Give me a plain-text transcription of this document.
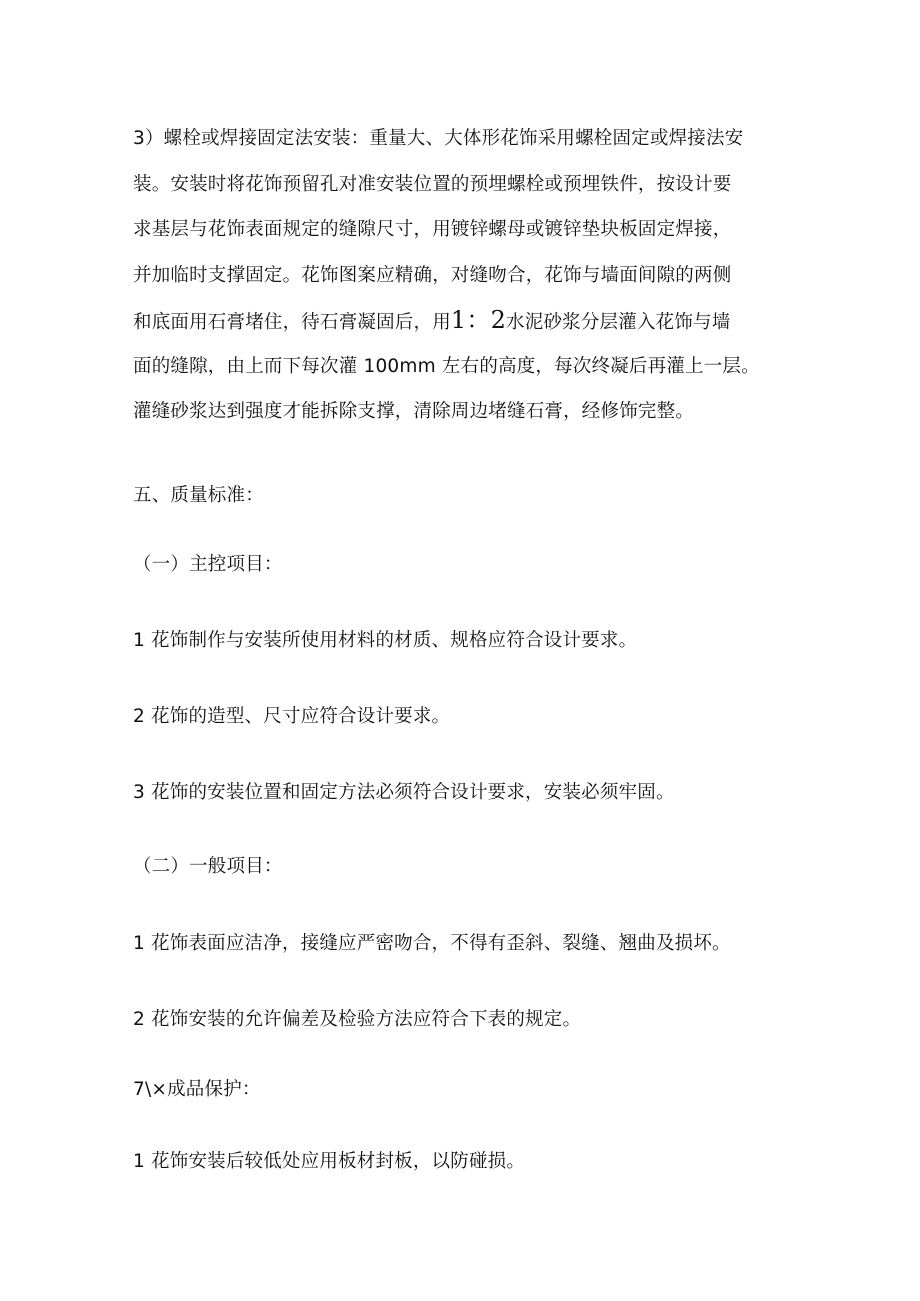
3）螺栓或焊接固定法安装：重量大、大体形花饰采用螺栓固定或焊接法安
装。安装时将花饰预留孔对准安装位置的预埋螺栓或预埋铁件，按设计要
求基层与花饰表面规定的缝隙尺寸，用镀锌螺母或镀锌垫块板固定焊接，
并加临时支撑固定。花饰图案应精确，对缝吻合，花饰与墙面间隙的两侧
和底面用石膏堵住，待石膏凝固后，用1：2水泥砂浆分层灌入花饰与墙
面的缝隙，由上而下每次灌 100mm 左右的高度，每次终凝后再灌上一层。
灌缝砂浆达到强度才能拆除支撑，清除周边堵缝石膏，经修饰完整。
五、质量标准：
（一）主控项目：
1 花饰制作与安装所使用材料的材质、规格应符合设计要求。
2 花饰的造型、尺寸应符合设计要求。
3 花饰的安装位置和固定方法必须符合设计要求，安装必须牢固。
（二）一般项目：
1 花饰表面应洁净，接缝应严密吻合，不得有歪斜、裂缝、翘曲及损坏。
2 花饰安装的允许偏差及检验方法应符合下表的规定。
7\×成品保护：
1 花饰安装后较低处应用板材封板，以防碰损。
